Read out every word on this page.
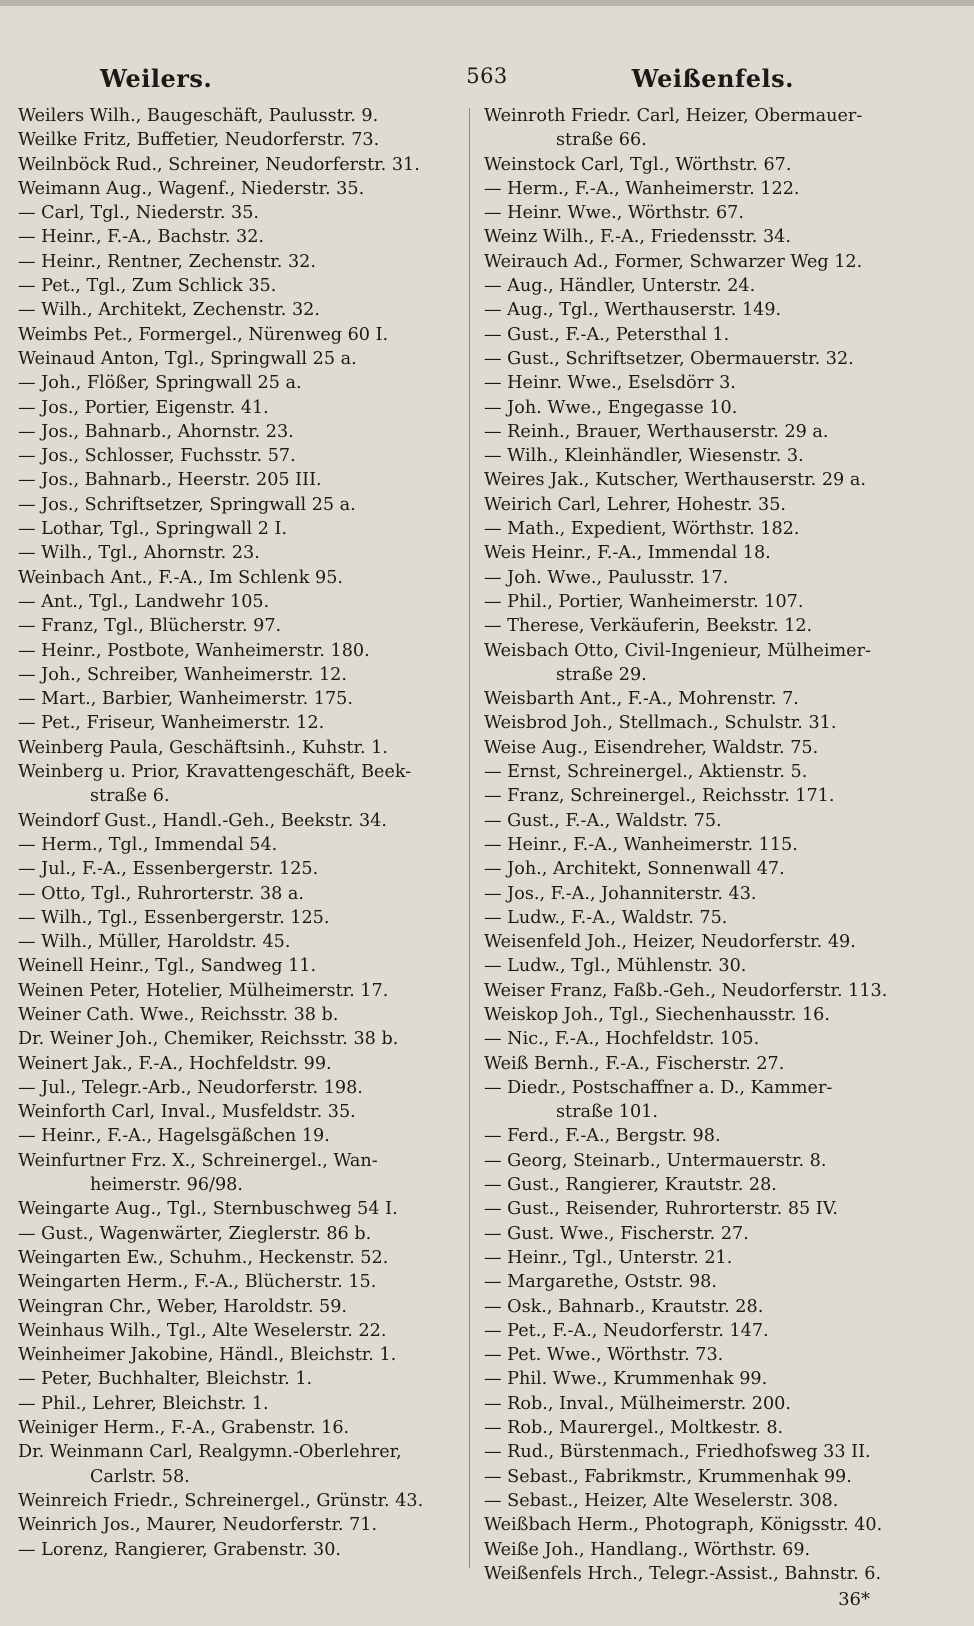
Weilers.	563	Weißenfels.
Weilers Wilh., Baugeschäft, Paulusstr. 9.
Weilke Fritz, Buffetier, Neudorferstr. 73.
Weilnböck Rud., Schreiner, Neudorferstr. 31.
Weimann Aug., Wagenf., Niederstr. 35.
— Carl, Tgl., Niederstr. 35.
— Heinr., F.-A., Bachstr. 32.
— Heinr., Rentner, Zechenstr. 32.
— Pet., Tgl., Zum Schlick 35.
— Wilh., Architekt, Zechenstr. 32.
Weimbs Pet., Formergel., Nürenweg 60 I.
Weinaud Anton, Tgl., Springwall 25 a.
— Joh., Flößer, Springwall 25 a.
— Jos., Portier, Eigenstr. 41.
— Jos., Bahnarb., Ahornstr. 23.
— Jos., Schlosser, Fuchsstr. 57.
— Jos., Bahnarb., Heerstr. 205 III.
— Jos., Schriftsetzer, Springwall 25 a.
— Lothar, Tgl., Springwall 2 I.
— Wilh., Tgl., Ahornstr. 23.
Weinbach Ant., F.-A., Im Schlenk 95.
— Ant., Tgl., Landwehr 105.
— Franz, Tgl., Blücherstr. 97.
— Heinr., Postbote, Wanheimerstr. 180.
— Joh., Schreiber, Wanheimerstr. 12.
— Mart., Barbier, Wanheimerstr. 175.
— Pet., Friseur, Wanheimerstr. 12.
Weinberg Paula, Geschäftsinh., Kuhstr. 1.
Weinberg u. Prior, Kravattengeschäft, Beek-
straße 6.
Weindorf Gust., Handl.-Geh., Beekstr. 34.
— Herm., Tgl., Immendal 54.
— Jul., F.-A., Essenbergerstr. 125.
— Otto, Tgl., Ruhrorterstr. 38 a.
— Wilh., Tgl., Essenbergerstr. 125.
— Wilh., Müller, Haroldstr. 45.
Weinell Heinr., Tgl., Sandweg 11.
Weinen Peter, Hotelier, Mülheimerstr. 17.
Weiner Cath. Wwe., Reichsstr. 38 b.
Dr. Weiner Joh., Chemiker, Reichsstr. 38 b.
Weinert Jak., F.-A., Hochfeldstr. 99.
— Jul., Telegr.-Arb., Neudorferstr. 198.
Weinforth Carl, Inval., Musfeldstr. 35.
— Heinr., F.-A., Hagelsgäßchen 19.
Weinfurtner Frz. X., Schreinergel., Wan-
heimerstr. 96/98.
Weingarte Aug., Tgl., Sternbuschweg 54 I.
— Gust., Wagenwärter, Zieglerstr. 86 b.
Weingarten Ew., Schuhm., Heckenstr. 52.
Weingarten Herm., F.-A., Blücherstr. 15.
Weingran Chr., Weber, Haroldstr. 59.
Weinhaus Wilh., Tgl., Alte Weselerstr. 22.
Weinheimer Jakobine, Händl., Bleichstr. 1.
— Peter, Buchhalter, Bleichstr. 1.
— Phil., Lehrer, Bleichstr. 1.
Weiniger Herm., F.-A., Grabenstr. 16.
Dr. Weinmann Carl, Realgymn.-Oberlehrer,
Carlstr. 58.
Weinreich Friedr., Schreinergel., Grünstr. 43.
Weinrich Jos., Maurer, Neudorferstr. 71.
— Lorenz, Rangierer, Grabenstr. 30.
Weinroth Friedr. Carl, Heizer, Obermauer-
straße 66.
Weinstock Carl, Tgl., Wörthstr. 67.
— Herm., F.-A., Wanheimerstr. 122.
— Heinr. Wwe., Wörthstr. 67.
Weinz Wilh., F.-A., Friedensstr. 34.
Weirauch Ad., Former, Schwarzer Weg 12.
— Aug., Händler, Unterstr. 24.
— Aug., Tgl., Werthauserstr. 149.
— Gust., F.-A., Petersthal 1.
— Gust., Schriftsetzer, Obermauerstr. 32.
— Heinr. Wwe., Eselsdörr 3.
— Joh. Wwe., Engegasse 10.
— Reinh., Brauer, Werthauserstr. 29 a.
— Wilh., Kleinhändler, Wiesenstr. 3.
Weires Jak., Kutscher, Werthauserstr. 29 a.
Weirich Carl, Lehrer, Hohestr. 35.
— Math., Expedient, Wörthstr. 182.
Weis Heinr., F.-A., Immendal 18.
— Joh. Wwe., Paulusstr. 17.
— Phil., Portier, Wanheimerstr. 107.
— Therese, Verkäuferin, Beekstr. 12.
Weisbach Otto, Civil-Ingenieur, Mülheimer-
straße 29.
Weisbarth Ant., F.-A., Mohrenstr. 7.
Weisbrod Joh., Stellmach., Schulstr. 31.
Weise Aug., Eisendreher, Waldstr. 75.
— Ernst, Schreinergel., Aktienstr. 5.
— Franz, Schreinergel., Reichsstr. 171.
— Gust., F.-A., Waldstr. 75.
— Heinr., F.-A., Wanheimerstr. 115.
— Joh., Architekt, Sonnenwall 47.
— Jos., F.-A., Johanniterstr. 43.
— Ludw., F.-A., Waldstr. 75.
Weisenfeld Joh., Heizer, Neudorferstr. 49.
— Ludw., Tgl., Mühlenstr. 30.
Weiser Franz, Faßb.-Geh., Neudorferstr. 113.
Weiskop Joh., Tgl., Siechenhausstr. 16.
— Nic., F.-A., Hochfeldstr. 105.
Weiß Bernh., F.-A., Fischerstr. 27.
— Diedr., Postschaffner a. D., Kammer-
straße 101.
— Ferd., F.-A., Bergstr. 98.
— Georg, Steinarb., Untermauerstr. 8.
— Gust., Rangierer, Krautstr. 28.
— Gust., Reisender, Ruhrorterstr. 85 IV.
— Gust. Wwe., Fischerstr. 27.
— Heinr., Tgl., Unterstr. 21.
— Margarethe, Oststr. 98.
— Osk., Bahnarb., Krautstr. 28.
— Pet., F.-A., Neudorferstr. 147.
— Pet. Wwe., Wörthstr. 73.
— Phil. Wwe., Krummenhak 99.
— Rob., Inval., Mülheimerstr. 200.
— Rob., Maurergel., Moltkestr. 8.
— Rud., Bürstenmach., Friedhofsweg 33 II.
— Sebast., Fabrikmstr., Krummenhak 99.
— Sebast., Heizer, Alte Weselerstr. 308.
Weißbach Herm., Photograph, Königsstr. 40.
Weiße Joh., Handlang., Wörthstr. 69.
Weißenfels Hrch., Telegr.-Assist., Bahnstr. 6.
36*
